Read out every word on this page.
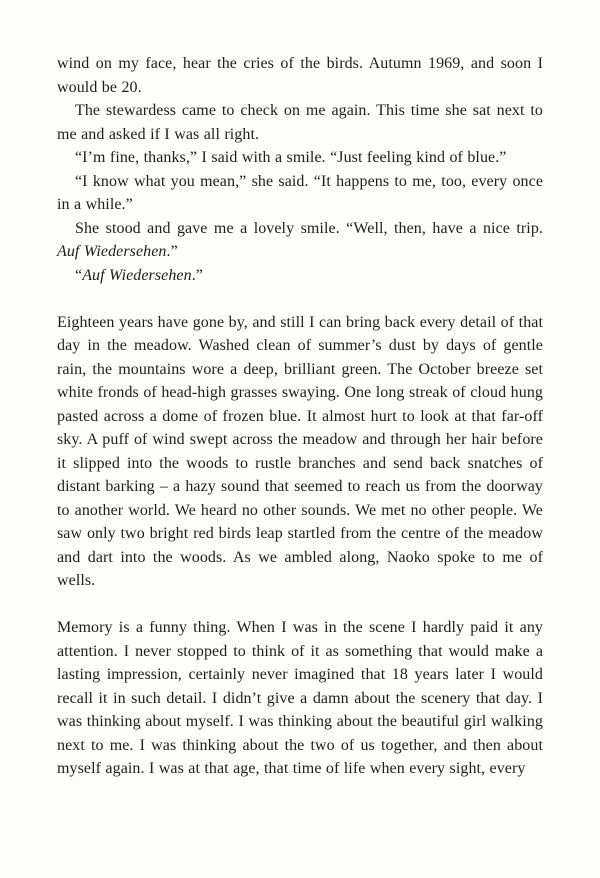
wind on my face, hear the cries of the birds. Autumn 1969, and soon I would be 20.

The stewardess came to check on me again. This time she sat next to me and asked if I was all right.

“I’m fine, thanks,” I said with a smile. “Just feeling kind of blue.”

“I know what you mean,” she said. “It happens to me, too, every once in a while.”

She stood and gave me a lovely smile. “Well, then, have a nice trip. Auf Wiedersehen.”

“Auf Wiedersehen.”

Eighteen years have gone by, and still I can bring back every detail of that day in the meadow. Washed clean of summer’s dust by days of gentle rain, the mountains wore a deep, brilliant green. The October breeze set white fronds of head-high grasses swaying. One long streak of cloud hung pasted across a dome of frozen blue. It almost hurt to look at that far-off sky. A puff of wind swept across the meadow and through her hair before it slipped into the woods to rustle branches and send back snatches of distant barking – a hazy sound that seemed to reach us from the doorway to another world. We heard no other sounds. We met no other people. We saw only two bright red birds leap startled from the centre of the meadow and dart into the woods. As we ambled along, Naoko spoke to me of wells.

Memory is a funny thing. When I was in the scene I hardly paid it any attention. I never stopped to think of it as something that would make a lasting impression, certainly never imagined that 18 years later I would recall it in such detail. I didn’t give a damn about the scenery that day. I was thinking about myself. I was thinking about the beautiful girl walking next to me. I was thinking about the two of us together, and then about myself again. I was at that age, that time of life when every sight, every
